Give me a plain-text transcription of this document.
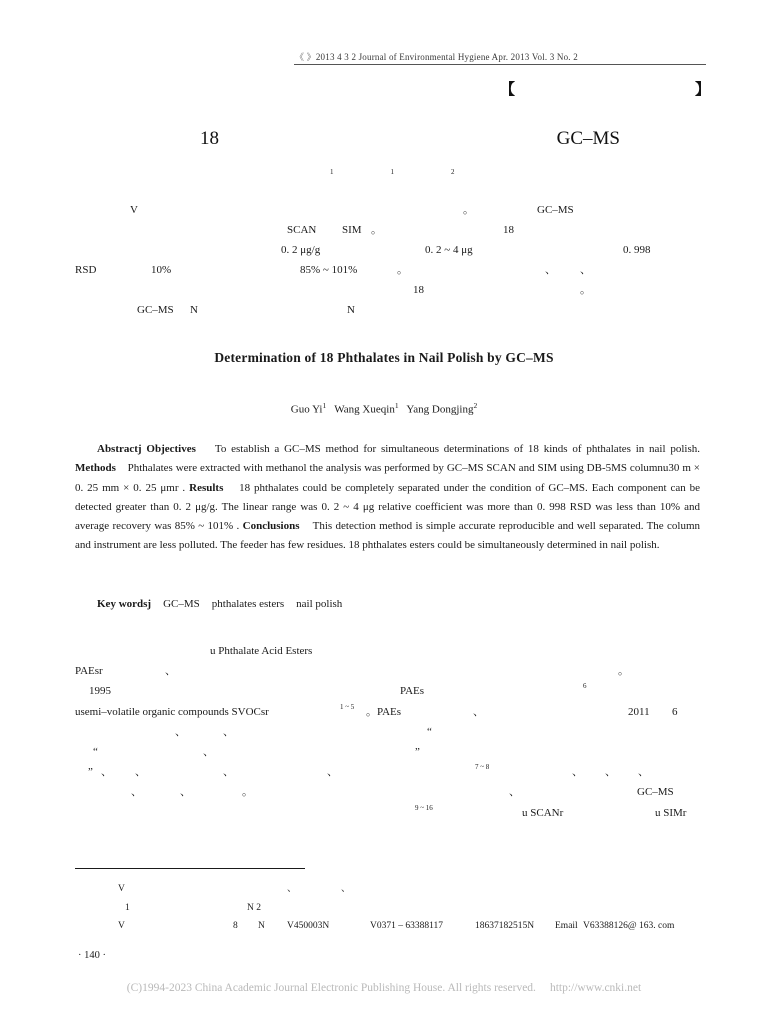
《 》2013 4 3 2 Journal of Environmental Hygiene Apr. 2013 Vol. 3 No. 2
【	】
18	GC–MS
$^1$	$^1$	$^2$
V	。	GC–MS
SCAN SIM 。	18
0. 2 μg/g	0. 2 ~ 4 μg	0. 998
RSD	10%	85% ~ 101%	。	、 、
18	。
GC–MS N	N
Determination of 18 Phthalates in Nail Polish by GC–MS
Guo Yi$^1$ Wang Xueqin$^1$ Yang Dongjing$^2$

Abstractj Objectives To establish a GC–MS method for simultaneous determinations of 18 kinds of phthalates in nail polish. Methods Phthalates were extracted with methanol the analysis was performed by GC–MS SCAN and SIM using DB-5MS columnu30 m × 0. 25 mm × 0. 25 μmr . Results 18 phthalates could be completely separated under the condition of GC–MS. Each component can be detected greater than 0. 2 μg/g. The linear range was 0. 2 ~ 4 μg relative coefficient was more than 0. 998 RSD was less than 10% and average recovery was 85% ~ 101% . Conclusions This detection method is simple accurate reproducible and well separated. The column and instrument are less polluted. The feeder has few residues. 18 phthalates esters could be simultaneously determined in nail polish.

Key wordsj GC–MS phthalates esters nail polish
u Phthalate Acid Esters
PAEsr	、	。
1995	PAEs	$^6$
usemi–volatile organic compounds SVOCsr	$^{1 \sim 5}$ 。 PAEs	、	2011 6
、	、	“
“	、	”
” 、 、	、	、	$^{7 \sim 8}$	、 、 、
、	、	。	、	GC–MS
$^{9 \sim 16}$	u SCANr	u SIMr
V	、	、
1	N 2
V	8 N V450003N	V0371 – 63388117	18637182515N Email V63388126@ 163. com
· 140 ·
(C)1994-2023 China Academic Journal Electronic Publishing House. All rights reserved. http://www.cnki.net
